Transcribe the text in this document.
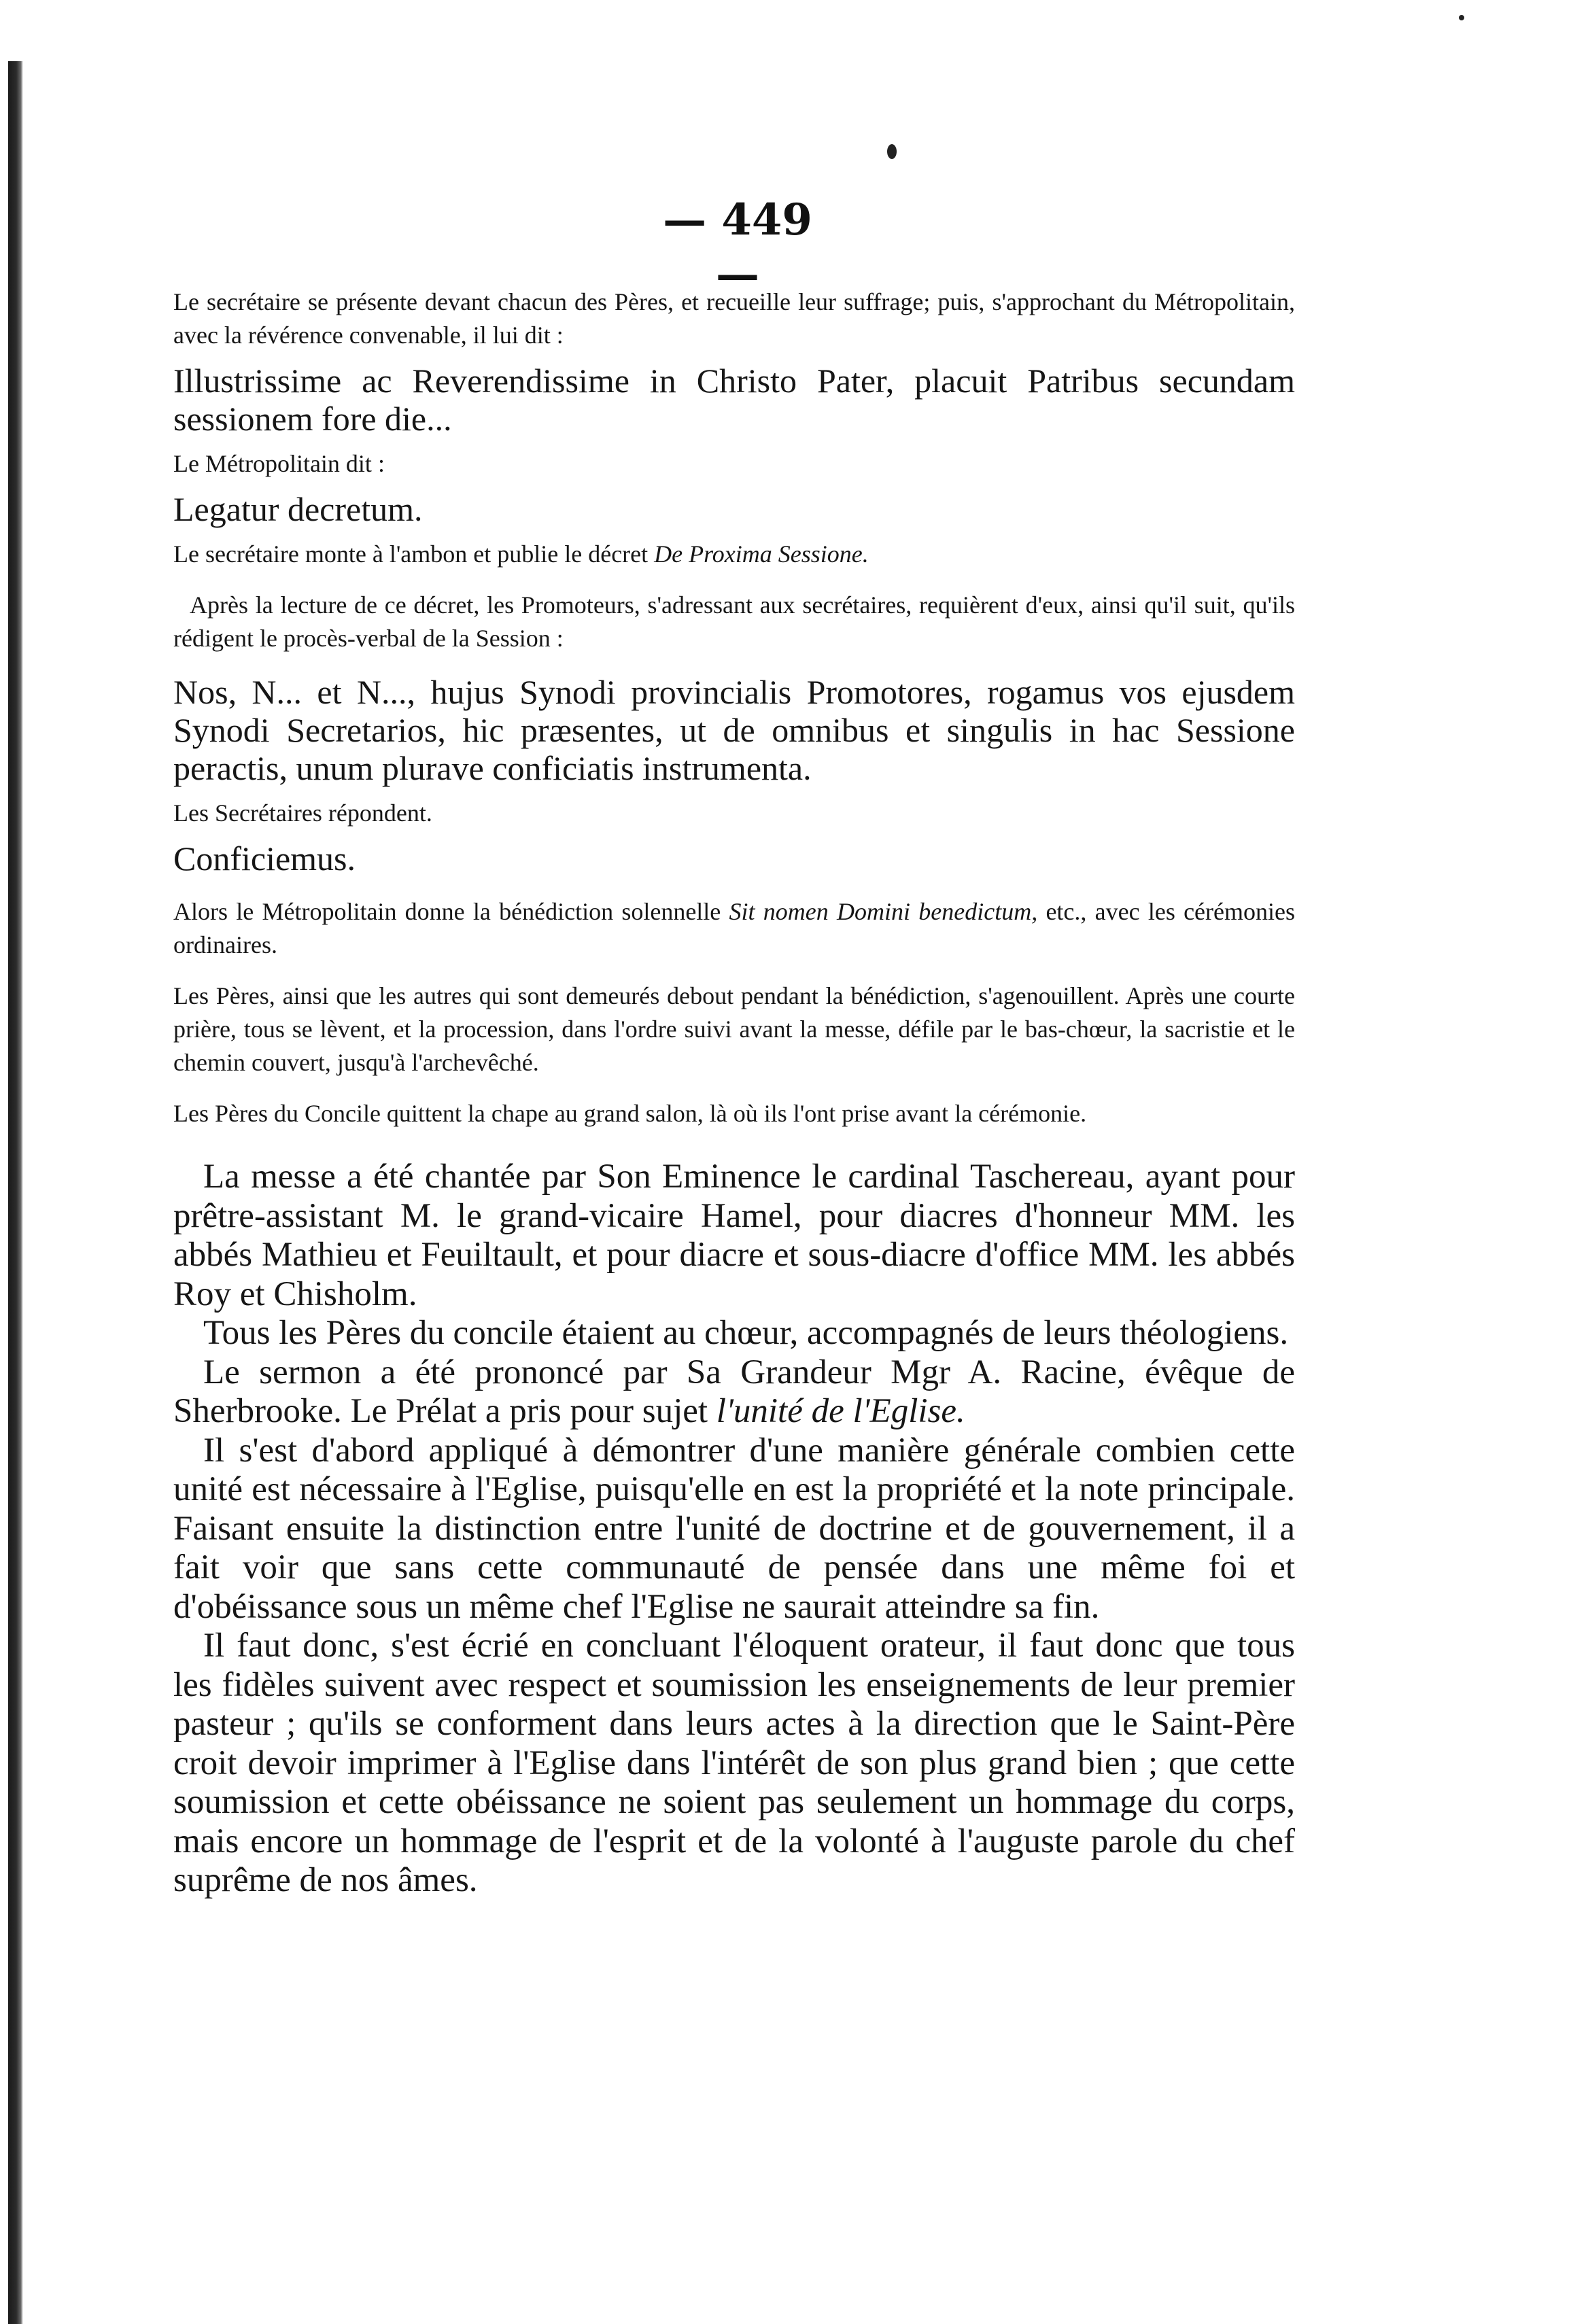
— 449 —

Le secrétaire se présente devant chacun des Pères, et recueille leur suffrage; puis, s'approchant du Métropolitain, avec la révérence convenable, il lui dit :

Illustrissime ac Reverendissime in Christo Pater, placuit Patribus secundam sessionem fore die...

Le Métropolitain dit :

Legatur decretum.

Le secrétaire monte à l'ambon et publie le décret De Proxima Sessione.

Après la lecture de ce décret, les Promoteurs, s'adressant aux secrétaires, requièrent d'eux, ainsi qu'il suit, qu'ils rédigent le procès-verbal de la Session :

Nos, N... et N..., hujus Synodi provincialis Promotores, rogamus vos ejusdem Synodi Secretarios, hic præsentes, ut de omnibus et singulis in hac Sessione peractis, unum plurave conficiatis instrumenta.

Les Secrétaires répondent.

Conficiemus.

Alors le Métropolitain donne la bénédiction solennelle Sit nomen Domini benedictum, etc., avec les cérémonies ordinaires.

Les Pères, ainsi que les autres qui sont demeurés debout pendant la bénédiction, s'agenouillent. Après une courte prière, tous se lèvent, et la procession, dans l'ordre suivi avant la messe, défile par le bas-chœur, la sacristie et le chemin couvert, jusqu'à l'archevêché.

Les Pères du Concile quittent la chape au grand salon, là où ils l'ont prise avant la cérémonie.

La messe a été chantée par Son Eminence le cardinal Taschereau, ayant pour prêtre-assistant M. le grand-vicaire Hamel, pour diacres d'honneur MM. les abbés Mathieu et Feuiltault, et pour diacre et sous-diacre d'office MM. les abbés Roy et Chisholm.

Tous les Pères du concile étaient au chœur, accompagnés de leurs théologiens.

Le sermon a été prononcé par Sa Grandeur Mgr A. Racine, évêque de Sherbrooke. Le Prélat a pris pour sujet l'unité de l'Eglise.

Il s'est d'abord appliqué à démontrer d'une manière générale combien cette unité est nécessaire à l'Eglise, puisqu'elle en est la propriété et la note principale. Faisant ensuite la distinction entre l'unité de doctrine et de gouvernement, il a fait voir que sans cette communauté de pensée dans une même foi et d'obéissance sous un même chef l'Eglise ne saurait atteindre sa fin.

Il faut donc, s'est écrié en concluant l'éloquent orateur, il faut donc que tous les fidèles suivent avec respect et soumission les enseignements de leur premier pasteur ; qu'ils se conforment dans leurs actes à la direction que le Saint-Père croit devoir imprimer à l'Eglise dans l'intérêt de son plus grand bien ; que cette soumission et cette obéissance ne soient pas seulement un hommage du corps, mais encore un hommage de l'esprit et de la volonté à l'auguste parole du chef suprême de nos âmes.
